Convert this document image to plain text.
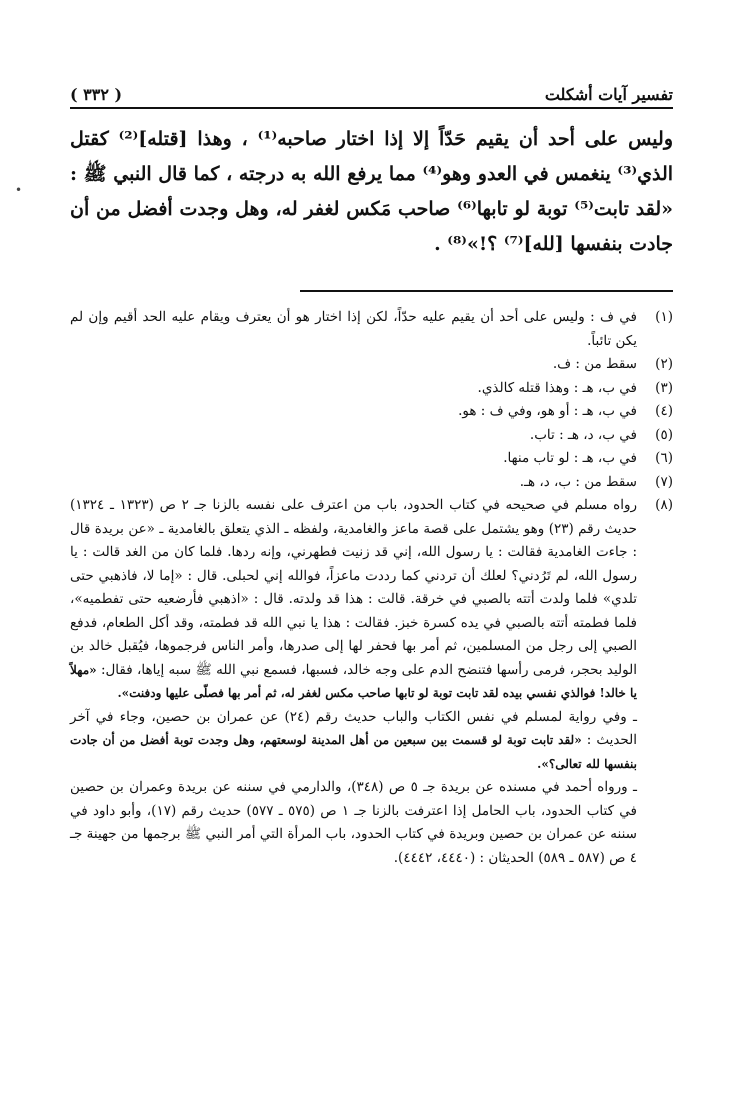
تفسير آيات أشكلت
( ٣٣٢ )
•

وليس على أحد أن يقيم حَدّاً إلا إذا اختار صاحبه⁽¹⁾ ، وهذا [قتله]⁽²⁾ كقتل الذي⁽³⁾ ينغمس في العدو وهو⁽⁴⁾ مما يرفع الله به درجته ، كما قال النبي ﷺ : «لقد تابت⁽⁵⁾ توبة لو تابها⁽⁶⁾ صاحب مَكس لغفر له، وهل وجدت أفضل من أن جادت بنفسها [لله]⁽⁷⁾ ؟!»⁽⁸⁾ .

(١)
في ف : وليس على أحد أن يقيم عليه حدّاً، لكن إذا اختار هو أن يعترف ويقام عليه الحد أقيم وإن لم يكن تائباً.
(٢)
سقط من : ف.
(٣)
في ب، هـ : وهذا قتله كالذي.
(٤)
في ب، هـ : أو هو، وفي ف : هو.
(٥)
في ب، د، هـ : تاب.
(٦)
في ب، هـ : لو تاب منها.
(٧)
سقط من : ب، د، هـ.
(٨)
رواه مسلم في صحيحه في كتاب الحدود، باب من اعترف على نفسه بالزنا جـ ٢ ص (١٣٢٣ ـ ١٣٢٤) حديث رقم (٢٣) وهو يشتمل على قصة ماعز والغامدية، ولفظه ـ الذي يتعلق بالغامدية ـ «عن بريدة قال : جاءت الغامدية فقالت : يا رسول الله، إني قد زنيت فطهرني، وإنه ردها. فلما كان من الغد قالت : يا رسول الله، لم تَرُدني؟ لعلك أن تردني كما رددت ماعزاً، فوالله إني لحبلى. قال : «إما لا، فاذهبي حتى تلدي» فلما ولدت أتته بالصبي في خرقة. قالت : هذا قد ولدته. قال : «اذهبي فأرضعيه حتى تفطميه»، فلما فطمته أتته بالصبي في يده كسرة خبز. فقالت : هذا يا نبي الله قد فطمته، وقد أكل الطعام، فدفع الصبي إلى رجل من المسلمين، ثم أمر بها فحفر لها إلى صدرها، وأمر الناس فرجموها، فيُقبل خالد بن الوليد بحجر، فرمى رأسها فتنضح الدم على وجه خالد، فسبها، فسمع نبي الله ﷺ سبه إياها، فقال: «مهلاً يا خالد! فوالذي نفسي بيده لقد تابت توبة لو تابها صاحب مكس لغفر له، ثم أمر بها فصلّى عليها ودفنت».
ـ وفي رواية لمسلم في نفس الكتاب والباب حديث رقم (٢٤) عن عمران بن حصين، وجاء في آخر الحديث : «لقد تابت توبة لو قسمت بين سبعين من أهل المدينة لوسعتهم، وهل وجدت توبة أفضل من أن جادت بنفسها لله تعالى؟».
ـ ورواه أحمد في مسنده عن بريدة جـ ٥ ص (٣٤٨)، والدارمي في سننه عن بريدة وعمران بن حصين في كتاب الحدود، باب الحامل إذا اعترفت بالزنا جـ ١ ص (٥٧٥ ـ ٥٧٧) حديث رقم (١٧)، وأبو داود في سننه عن عمران بن حصين وبريدة في كتاب الحدود، باب المرأة التي أمر النبي ﷺ برجمها من جهينة جـ ٤ ص (٥٨٧ ـ ٥٨٩) الحديثان : (٤٤٤٠، ٤٤٤٢).
